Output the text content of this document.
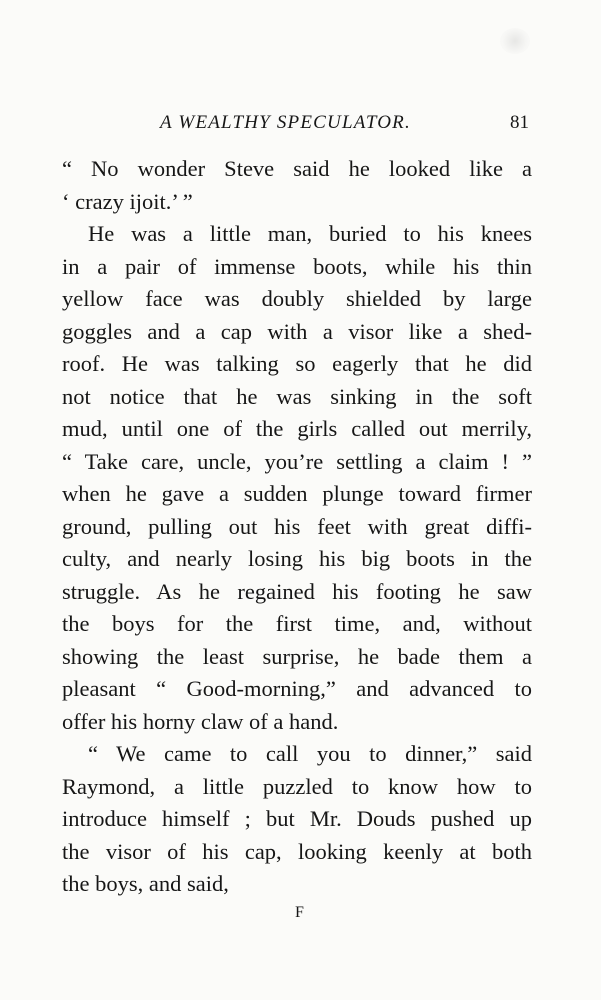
A WEALTHY SPECULATOR.	81
“ No wonder Steve said he looked like a
‘ crazy ijoit.’ ”
He was a little man, buried to his knees
in a pair of immense boots, while his thin
yellow face was doubly shielded by large
goggles and a cap with a visor like a shed-
roof. He was talking so eagerly that he did
not notice that he was sinking in the soft
mud, until one of the girls called out merrily,
“ Take care, uncle, you’re settling a claim ! ”
when he gave a sudden plunge toward firmer
ground, pulling out his feet with great diffi-
culty, and nearly losing his big boots in the
struggle. As he regained his footing he saw
the boys for the first time, and, without
showing the least surprise, he bade them a
pleasant “ Good-morning,” and advanced to
offer his horny claw of a hand.
“ We came to call you to dinner,” said
Raymond, a little puzzled to know how to
introduce himself ; but Mr. Douds pushed up
the visor of his cap, looking keenly at both
the boys, and said,
F
